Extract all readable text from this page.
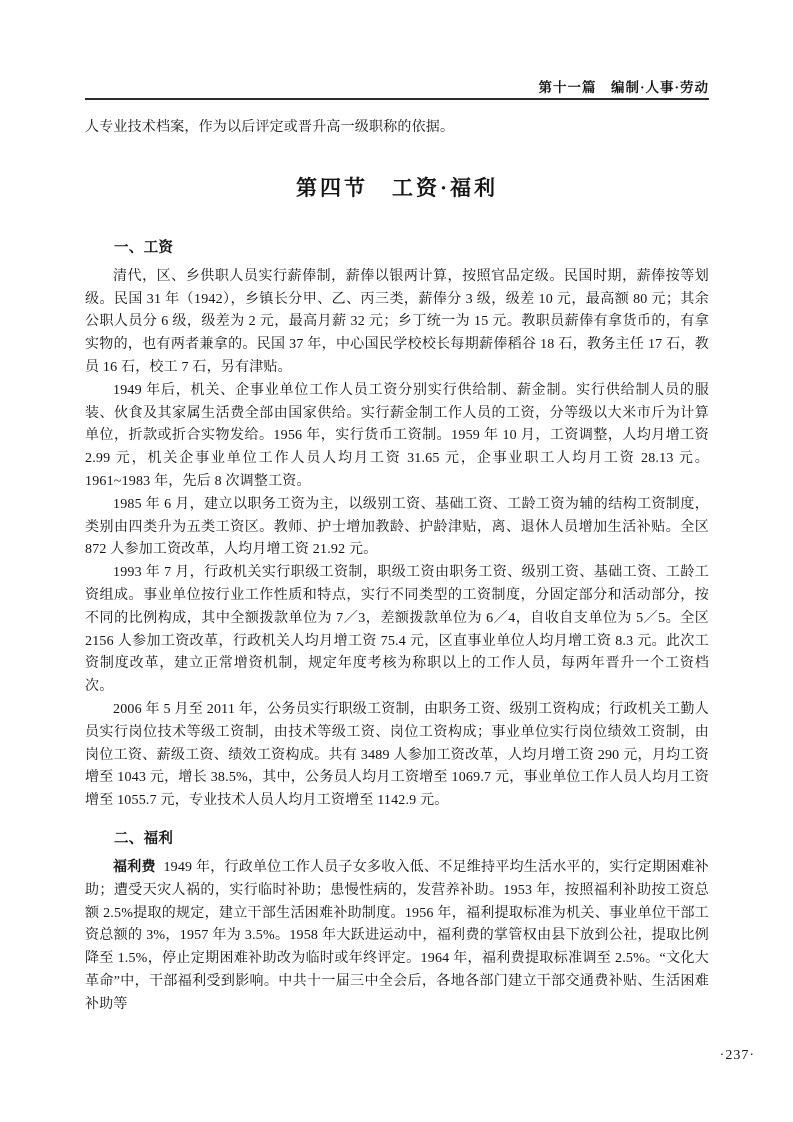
第十一篇　编制·人事·劳动

人专业技术档案，作为以后评定或晋升高一级职称的依据。

第四节　工资·福利
一、工资

清代，区、乡供职人员实行薪俸制，薪俸以银两计算，按照官品定级。民国时期，薪俸按等划级。民国 31 年（1942），乡镇长分甲、乙、丙三类，薪俸分 3 级，级差 10 元，最高额 80 元；其余公职人员分 6 级，级差为 2 元，最高月薪 32 元；乡丁统一为 15 元。教职员薪俸有拿货币的，有拿实物的，也有两者兼拿的。民国 37 年，中心国民学校校长每期薪俸稻谷 18 石，教务主任 17 石，教员 16 石，校工 7 石，另有津贴。

1949 年后，机关、企事业单位工作人员工资分别实行供给制、薪金制。实行供给制人员的服装、伙食及其家属生活费全部由国家供给。实行薪金制工作人员的工资，分等级以大米市斤为计算单位，折款或折合实物发给。1956 年，实行货币工资制。1959 年 10 月，工资调整，人均月增工资 2.99 元，机关企事业单位工作人员人均月工资 31.65 元，企事业职工人均月工资 28.13 元。1961~1983 年，先后 8 次调整工资。

1985 年 6 月，建立以职务工资为主，以级别工资、基础工资、工龄工资为辅的结构工资制度，类别由四类升为五类工资区。教师、护士增加教龄、护龄津贴，离、退休人员增加生活补贴。全区 872 人参加工资改革，人均月增工资 21.92 元。

1993 年 7 月，行政机关实行职级工资制，职级工资由职务工资、级别工资、基础工资、工龄工资组成。事业单位按行业工作性质和特点，实行不同类型的工资制度，分固定部分和活动部分，按不同的比例构成，其中全额拨款单位为 7／3，差额拨款单位为 6／4，自收自支单位为 5／5。全区 2156 人参加工资改革，行政机关人均月增工资 75.4 元，区直事业单位人均月增工资 8.3 元。此次工资制度改革，建立正常增资机制，规定年度考核为称职以上的工作人员，每两年晋升一个工资档次。

2006 年 5 月至 2011 年，公务员实行职级工资制，由职务工资、级别工资构成；行政机关工勤人员实行岗位技术等级工资制，由技术等级工资、岗位工资构成；事业单位实行岗位绩效工资制，由岗位工资、薪级工资、绩效工资构成。共有 3489 人参加工资改革，人均月增工资 290 元，月均工资增至 1043 元，增长 38.5%，其中，公务员人均月工资增至 1069.7 元，事业单位工作人员人均月工资增至 1055.7 元，专业技术人员人均月工资增至 1142.9 元。

二、福利

福利费 1949 年，行政单位工作人员子女多收入低、不足维持平均生活水平的，实行定期困难补助；遭受天灾人祸的，实行临时补助；患慢性病的，发营养补助。1953 年，按照福利补助按工资总额 2.5%提取的规定，建立干部生活困难补助制度。1956 年，福利提取标准为机关、事业单位干部工资总额的 3%，1957 年为 3.5%。1958 年大跃进运动中，福利费的掌管权由县下放到公社，提取比例降至 1.5%，停止定期困难补助改为临时或年终评定。1964 年，福利费提取标准调至 2.5%。“文化大革命”中，干部福利受到影响。中共十一届三中全会后，各地各部门建立干部交通费补贴、生活困难补助等

·237·
